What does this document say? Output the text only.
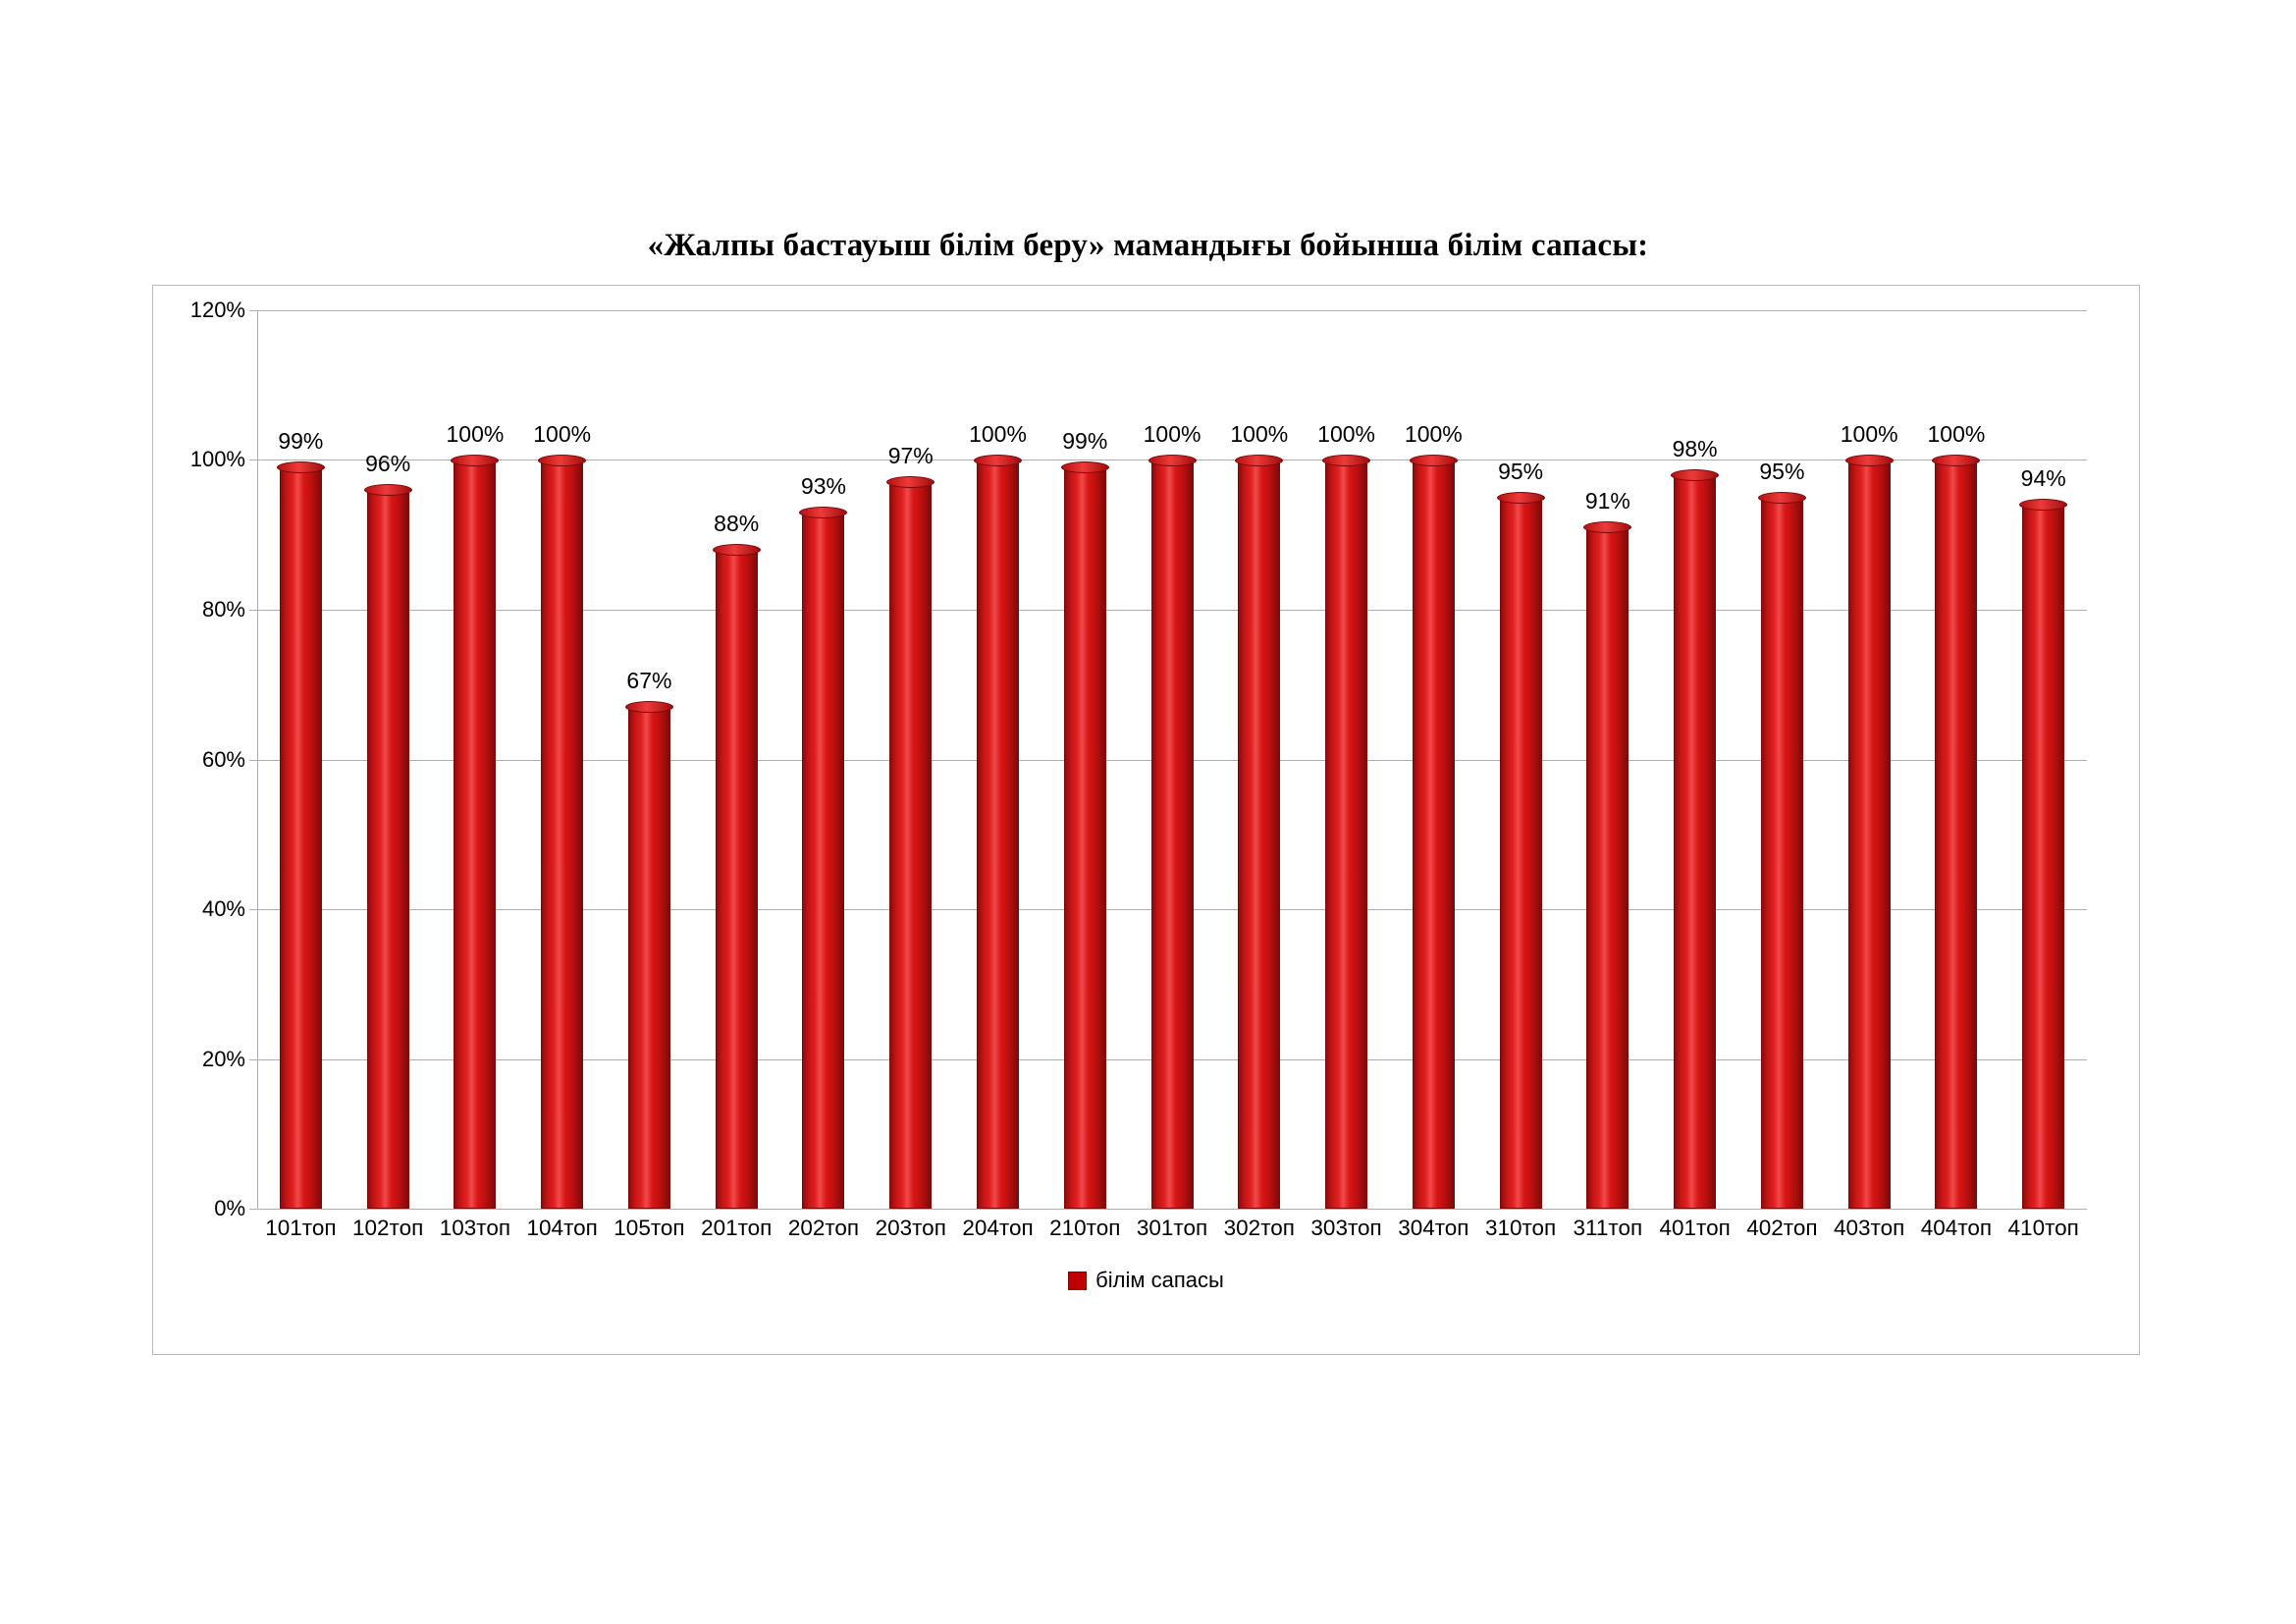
«Жалпы бастауыш білім беру» мамандығы бойынша білім сапасы:
0%
20%
40%
60%
80%
100%
120%
99%
96%
100% 100%
67%
88%
93%
97%
100% 99% 100% 100% 100% 100%
95%
91%
98%
95%
100% 100%
94%
101топ 102топ 103топ 104топ 105топ 201топ 202топ 203топ 204топ 210топ 301топ 302топ 303топ 304топ 310топ 311топ 401топ 402топ 403топ 404топ 410топ
білім сапасы
